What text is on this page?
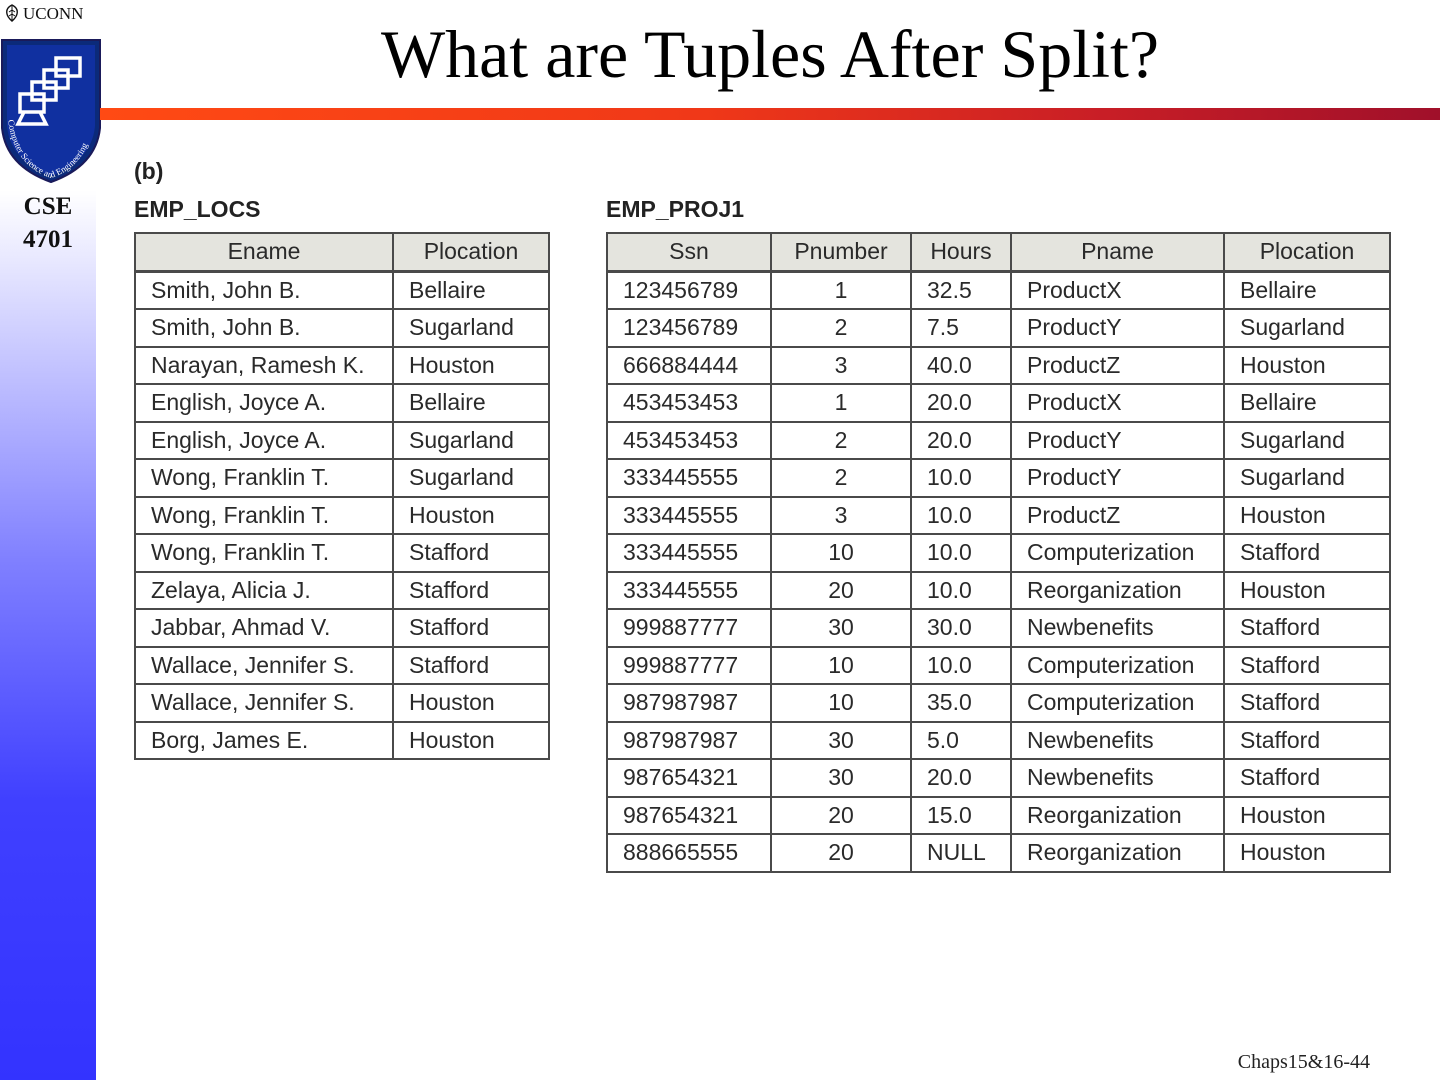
UCONN
Computer Science and Engineering
CSE
4701
What are Tuples After Split?
(b)
EMP_LOCS	EMP_PROJ1
Ename	Plocation
Smith, John B.	Bellaire
Smith, John B.	Sugarland
Narayan, Ramesh K.	Houston
English, Joyce A.	Bellaire
English, Joyce A.	Sugarland
Wong, Franklin T.	Sugarland
Wong, Franklin T.	Houston
Wong, Franklin T.	Stafford
Zelaya, Alicia J.	Stafford
Jabbar, Ahmad V.	Stafford
Wallace, Jennifer S.	Stafford
Wallace, Jennifer S.	Houston
Borg, James E.	Houston
Ssn	Pnumber	Hours	Pname	Plocation
123456789	1	32.5	ProductX	Bellaire
123456789	2	7.5	ProductY	Sugarland
666884444	3	40.0	ProductZ	Houston
453453453	1	20.0	ProductX	Bellaire
453453453	2	20.0	ProductY	Sugarland
333445555	2	10.0	ProductY	Sugarland
333445555	3	10.0	ProductZ	Houston
333445555	10	10.0	Computerization	Stafford
333445555	20	10.0	Reorganization	Houston
999887777	30	30.0	Newbenefits	Stafford
999887777	10	10.0	Computerization	Stafford
987987987	10	35.0	Computerization	Stafford
987987987	30	5.0	Newbenefits	Stafford
987654321	30	20.0	Newbenefits	Stafford
987654321	20	15.0	Reorganization	Houston
888665555	20	NULL	Reorganization	Houston
Chaps15&16-44
